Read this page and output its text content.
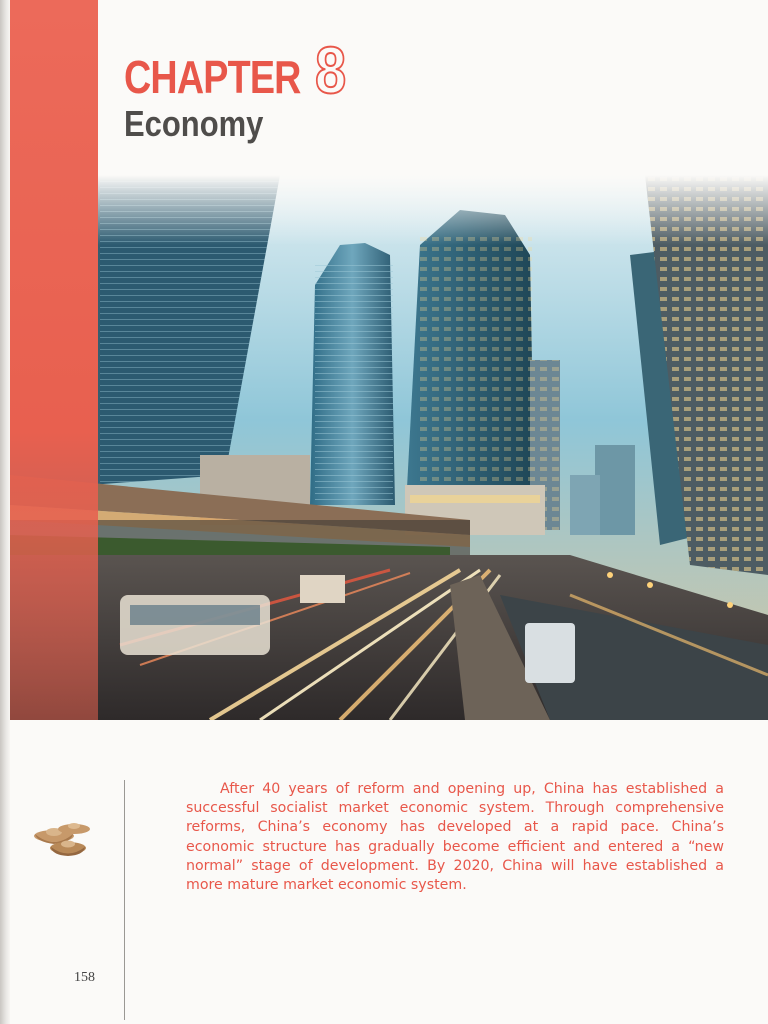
CHAPTER 8
Economy

After 40 years of reform and opening up, China has established a successful socialist market economic system. Through comprehensive reforms, China’s economy has developed at a rapid pace. China’s economic structure has gradually become efficient and entered a “new normal” stage of development. By 2020, China will have established a more mature market economic system.

158
